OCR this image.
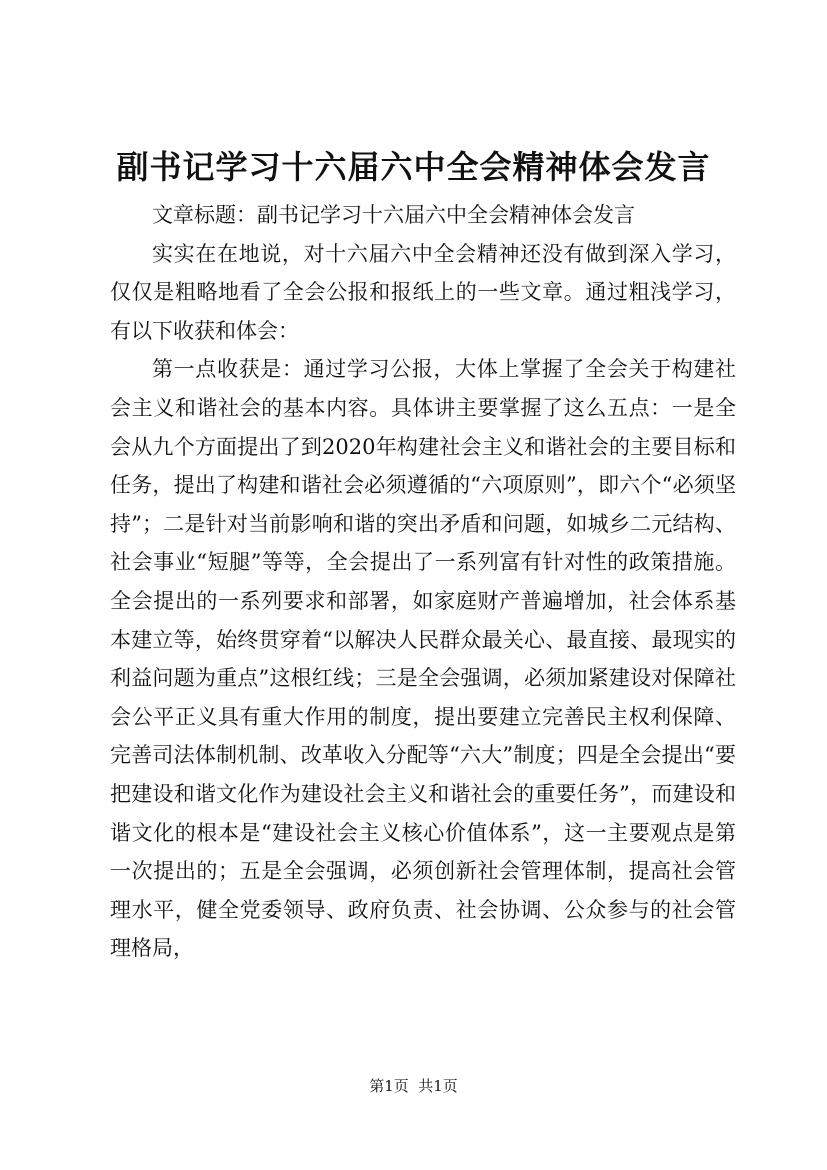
副书记学习十六届六中全会精神体会发言

文章标题：副书记学习十六届六中全会精神体会发言

实实在在地说，对十六届六中全会精神还没有做到深入学习，仅仅是粗略地看了全会公报和报纸上的一些文章。通过粗浅学习，有以下收获和体会：

第一点收获是：通过学习公报，大体上掌握了全会关于构建社会主义和谐社会的基本内容。具体讲主要掌握了这么五点：一是全会从九个方面提出了到2020年构建社会主义和谐社会的主要目标和任务，提出了构建和谐社会必须遵循的“六项原则”，即六个“必须坚持”；二是针对当前影响和谐的突出矛盾和问题，如城乡二元结构、社会事业“短腿”等等，全会提出了一系列富有针对性的政策措施。全会提出的一系列要求和部署，如家庭财产普遍增加，社会体系基本建立等，始终贯穿着“以解决人民群众最关心、最直接、最现实的利益问题为重点”这根红线；三是全会强调，必须加紧建设对保障社会公平正义具有重大作用的制度，提出要建立完善民主权利保障、完善司法体制机制、改革收入分配等“六大”制度；四是全会提出“要把建设和谐文化作为建设社会主义和谐社会的重要任务”，而建设和谐文化的根本是“建设社会主义核心价值体系”，这一主要观点是第一次提出的；五是全会强调，必须创新社会管理体制，提高社会管理水平，健全党委领导、政府负责、社会协调、公众参与的社会管理格局，

第1页  共1页
